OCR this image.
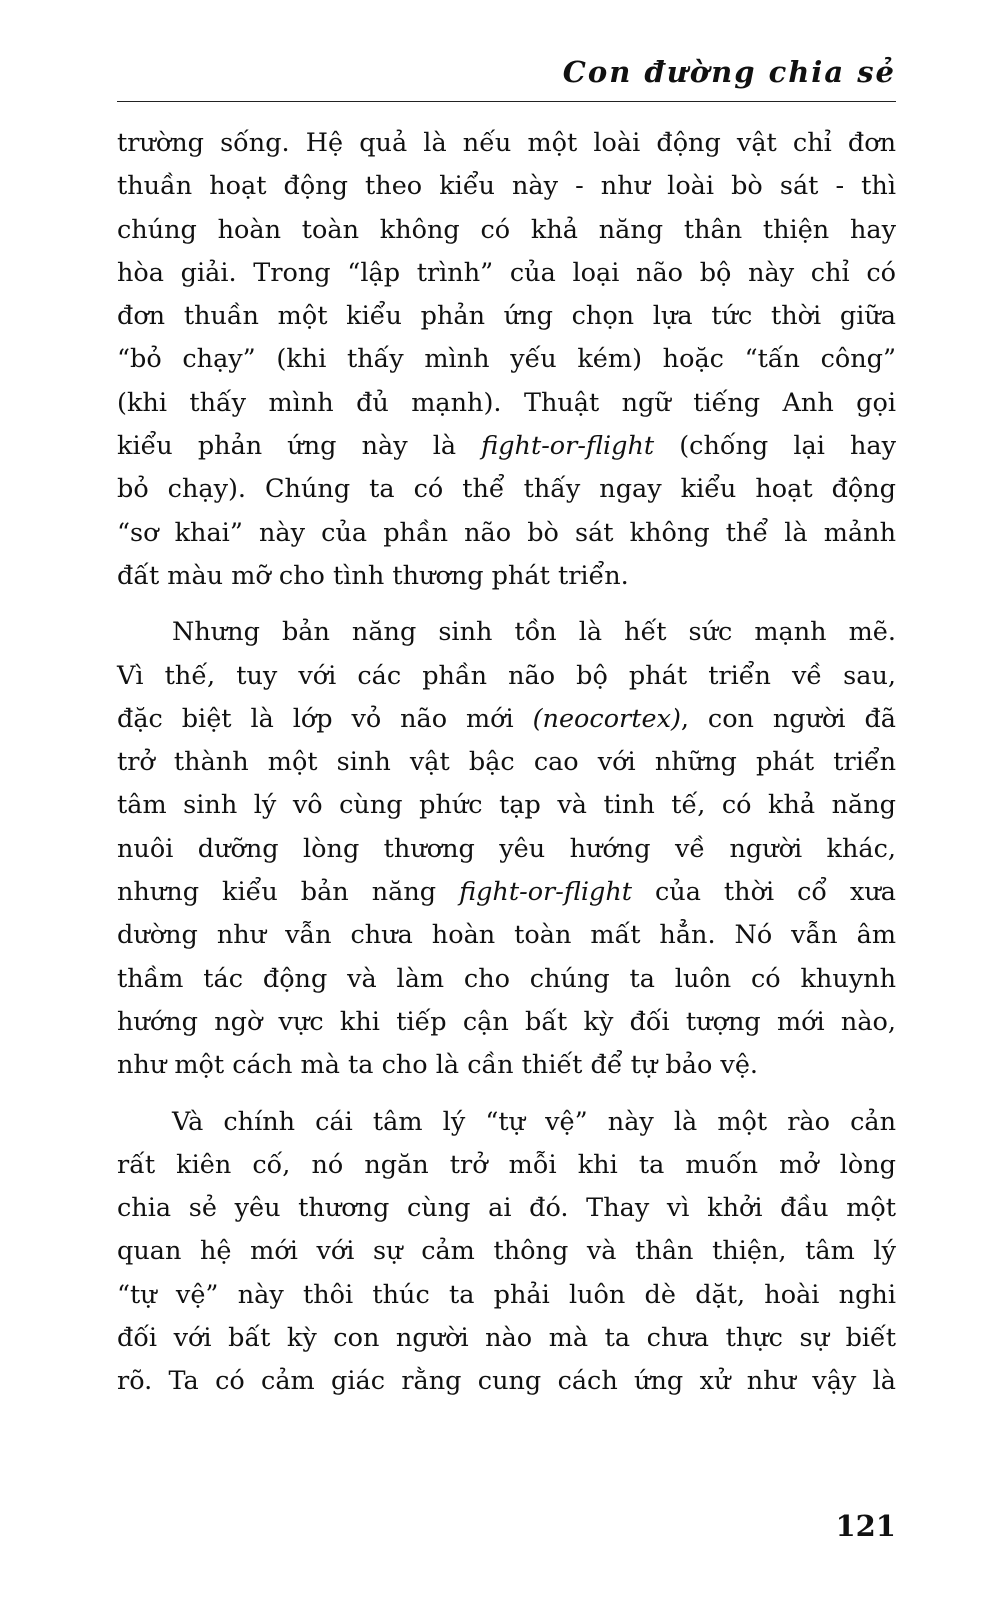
Con đường chia sẻ

trường sống. Hệ quả là nếu một loài động vật chỉ đơn
thuần hoạt động theo kiểu này - như loài bò sát - thì
chúng hoàn toàn không có khả năng thân thiện hay
hòa giải. Trong “lập trình” của loại não bộ này chỉ có
đơn thuần một kiểu phản ứng chọn lựa tức thời giữa
“bỏ chạy” (khi thấy mình yếu kém) hoặc “tấn công”
(khi thấy mình đủ mạnh). Thuật ngữ tiếng Anh gọi
kiểu phản ứng này là fight-or-flight (chống lại hay
bỏ chạy). Chúng ta có thể thấy ngay kiểu hoạt động
“sơ khai” này của phần não bò sát không thể là mảnh
đất màu mỡ cho tình thương phát triển.

Nhưng bản năng sinh tồn là hết sức mạnh mẽ.
Vì thế, tuy với các phần não bộ phát triển về sau,
đặc biệt là lớp vỏ não mới (neocortex), con người đã
trở thành một sinh vật bậc cao với những phát triển
tâm sinh lý vô cùng phức tạp và tinh tế, có khả năng
nuôi dưỡng lòng thương yêu hướng về người khác,
nhưng kiểu bản năng fight-or-flight của thời cổ xưa
dường như vẫn chưa hoàn toàn mất hẳn. Nó vẫn âm
thầm tác động và làm cho chúng ta luôn có khuynh
hướng ngờ vực khi tiếp cận bất kỳ đối tượng mới nào,
như một cách mà ta cho là cần thiết để tự bảo vệ.

Và chính cái tâm lý “tự vệ” này là một rào cản
rất kiên cố, nó ngăn trở mỗi khi ta muốn mở lòng
chia sẻ yêu thương cùng ai đó. Thay vì khởi đầu một
quan hệ mới với sự cảm thông và thân thiện, tâm lý
“tự vệ” này thôi thúc ta phải luôn dè dặt, hoài nghi
đối với bất kỳ con người nào mà ta chưa thực sự biết
rõ. Ta có cảm giác rằng cung cách ứng xử như vậy là

121
